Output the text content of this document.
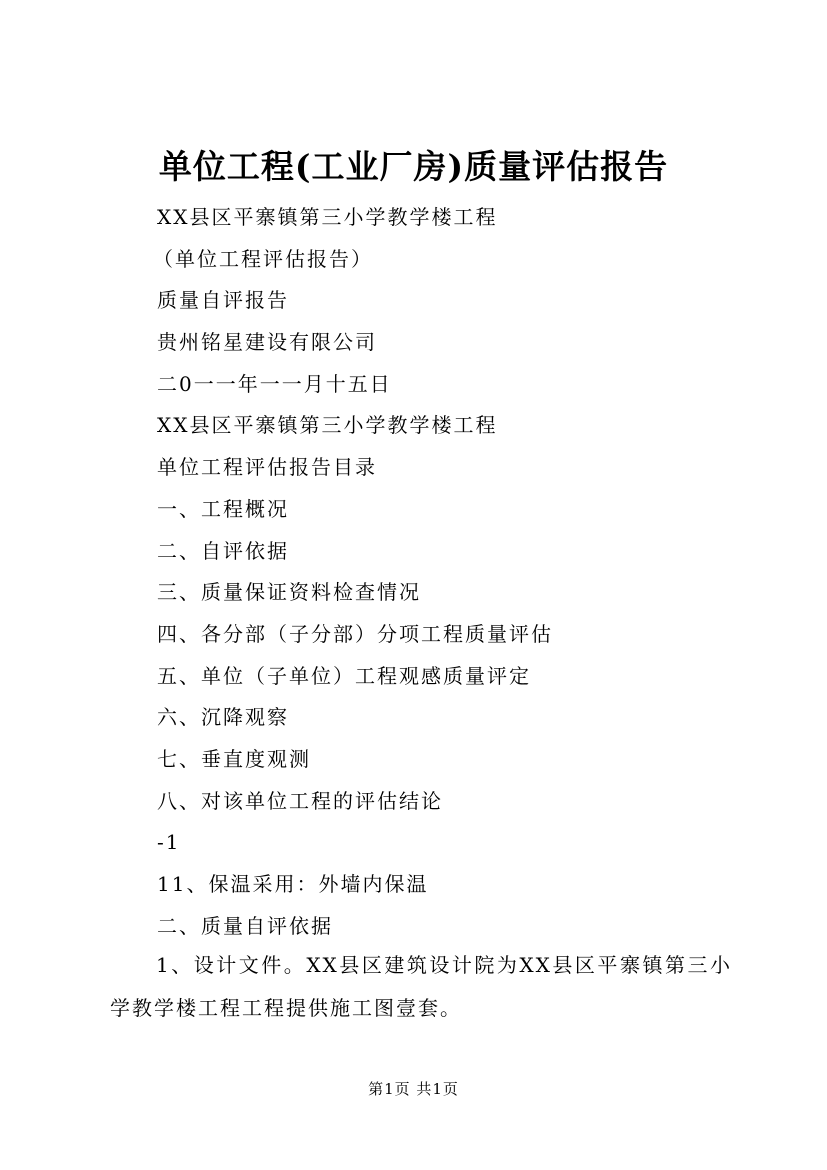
单位工程(工业厂房)质量评估报告
XX县区平寨镇第三小学教学楼工程
（单位工程评估报告）
质量自评报告
贵州铭星建设有限公司
二0一一年一一月十五日
XX县区平寨镇第三小学教学楼工程
单位工程评估报告目录
一、工程概况
二、自评依据
三、质量保证资料检查情况
四、各分部（子分部）分项工程质量评估
五、单位（子单位）工程观感质量评定
六、沉降观察
七、垂直度观测
八、对该单位工程的评估结论
-1
11、保温采用：外墙内保温
二、质量自评依据
1、设计文件。XX县区建筑设计院为XX县区平寨镇第三小学教学楼工程工程提供施工图壹套。
第1页 共1页
